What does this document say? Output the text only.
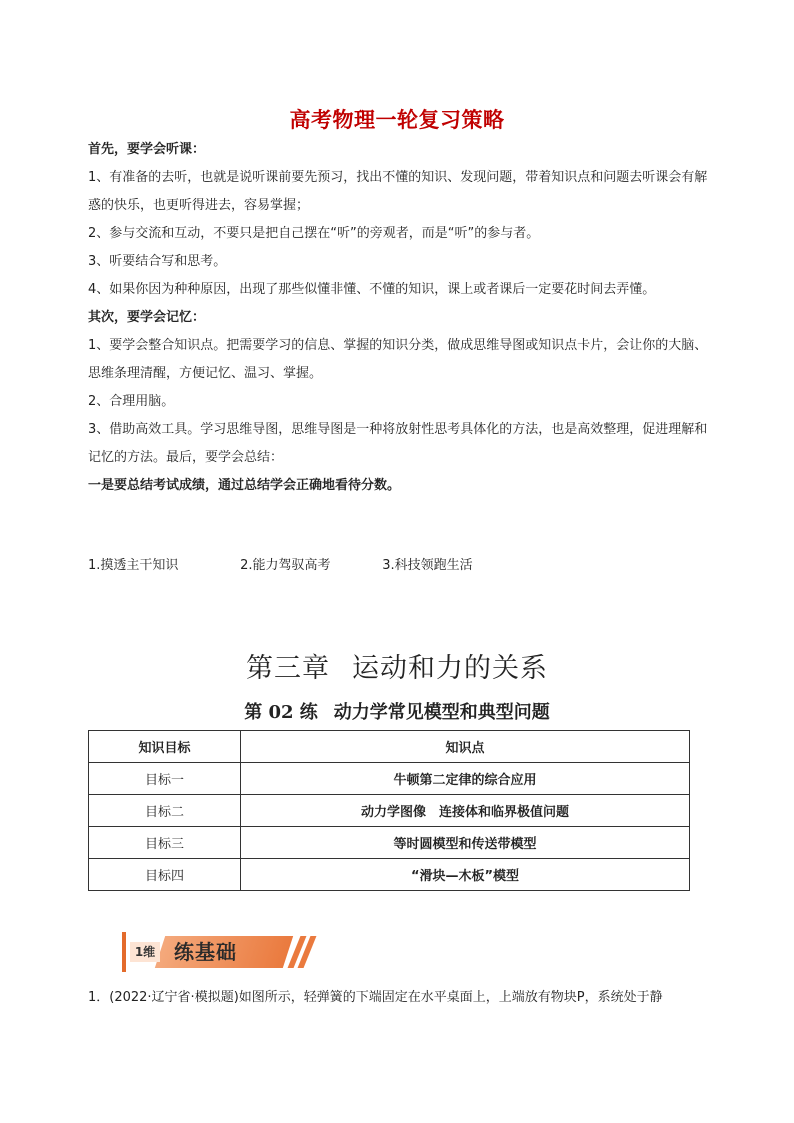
高考物理一轮复习策略

首先，要学会听课：

1、有准备的去听，也就是说听课前要先预习，找出不懂的知识、发现问题，带着知识点和问题去听课会有解惑的快乐，也更听得进去，容易掌握；

2、参与交流和互动，不要只是把自己摆在“听”的旁观者，而是“听”的参与者。

3、听要结合写和思考。

4、如果你因为种种原因，出现了那些似懂非懂、不懂的知识，课上或者课后一定要花时间去弄懂。

其次，要学会记忆：

1、要学会整合知识点。把需要学习的信息、掌握的知识分类，做成思维导图或知识点卡片，会让你的大脑、思维条理清醒，方便记忆、温习、掌握。

2、合理用脑。

3、借助高效工具。学习思维导图，思维导图是一种将放射性思考具体化的方法，也是高效整理，促进理解和记忆的方法。最后，要学会总结：

一是要总结考试成绩，通过总结学会正确地看待分数。

1.摸透主干知识	2.能力驾驭高考	3.科技领跑生活
第三章 运动和力的关系
第 02 练 动力学常见模型和典型问题
知识目标	知识点
目标一	牛顿第二定律的综合应用
目标二	动力学图像　连接体和临界极值问题
目标三	等时圆模型和传送带模型
目标四	“滑块—木板”模型
1维 练基础
1．(2022·辽宁省·模拟题)如图所示，轻弹簧的下端固定在水平桌面上，上端放有物块P，系统处于静
